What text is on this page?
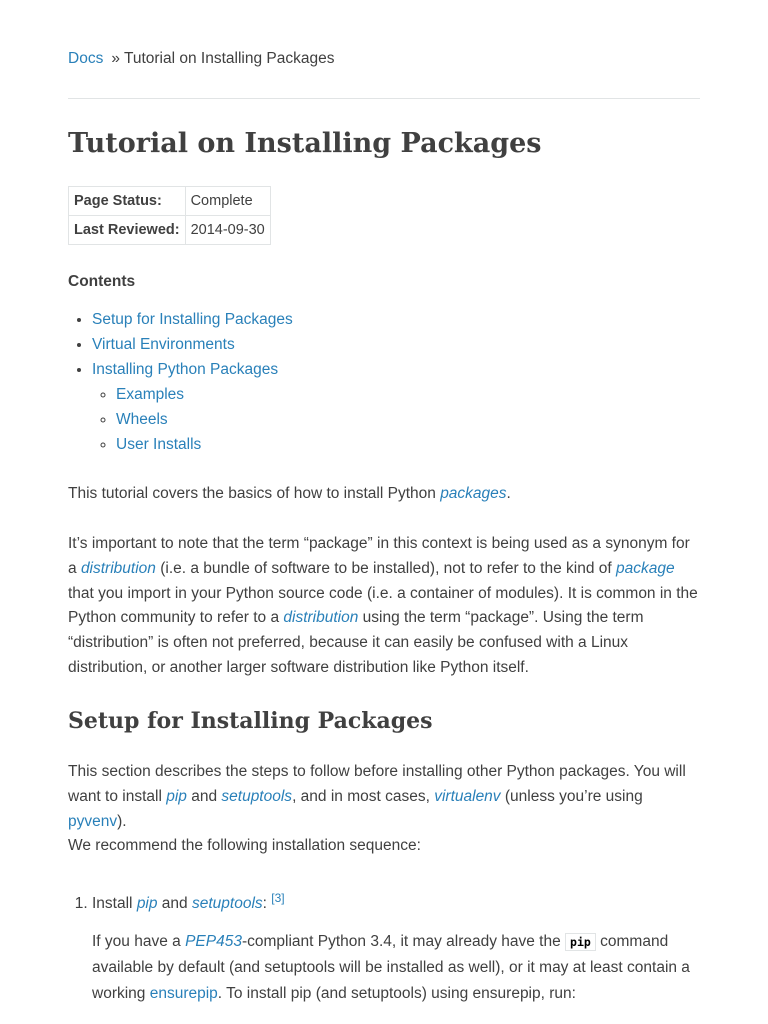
Docs » Tutorial on Installing Packages
Tutorial on Installing Packages
Page Status:	Complete
Last Reviewed:	2014-09-30
Contents
• Setup for Installing Packages
• Virtual Environments
• Installing Python Packages
◦ Examples
◦ Wheels
◦ User Installs

This tutorial covers the basics of how to install Python packages.

It’s important to note that the term “package” in this context is being used as a synonym for a distribution (i.e. a bundle of software to be installed), not to refer to the kind of package that you import in your Python source code (i.e. a container of modules). It is common in the Python community to refer to a distribution using the term “package”. Using the term “distribution” is often not preferred, because it can easily be confused with a Linux distribution, or another larger software distribution like Python itself.

Setup for Installing Packages

This section describes the steps to follow before installing other Python packages. You will want to install pip and setuptools, and in most cases, virtualenv (unless you’re using pyvenv).

We recommend the following installation sequence:

1. Install pip and setuptools: [3]

If you have a PEP453-compliant Python 3.4, it may already have the pip command available by default (and setuptools will be installed as well), or it may at least contain a working ensurepip. To install pip (and setuptools) using ensurepip, run:
